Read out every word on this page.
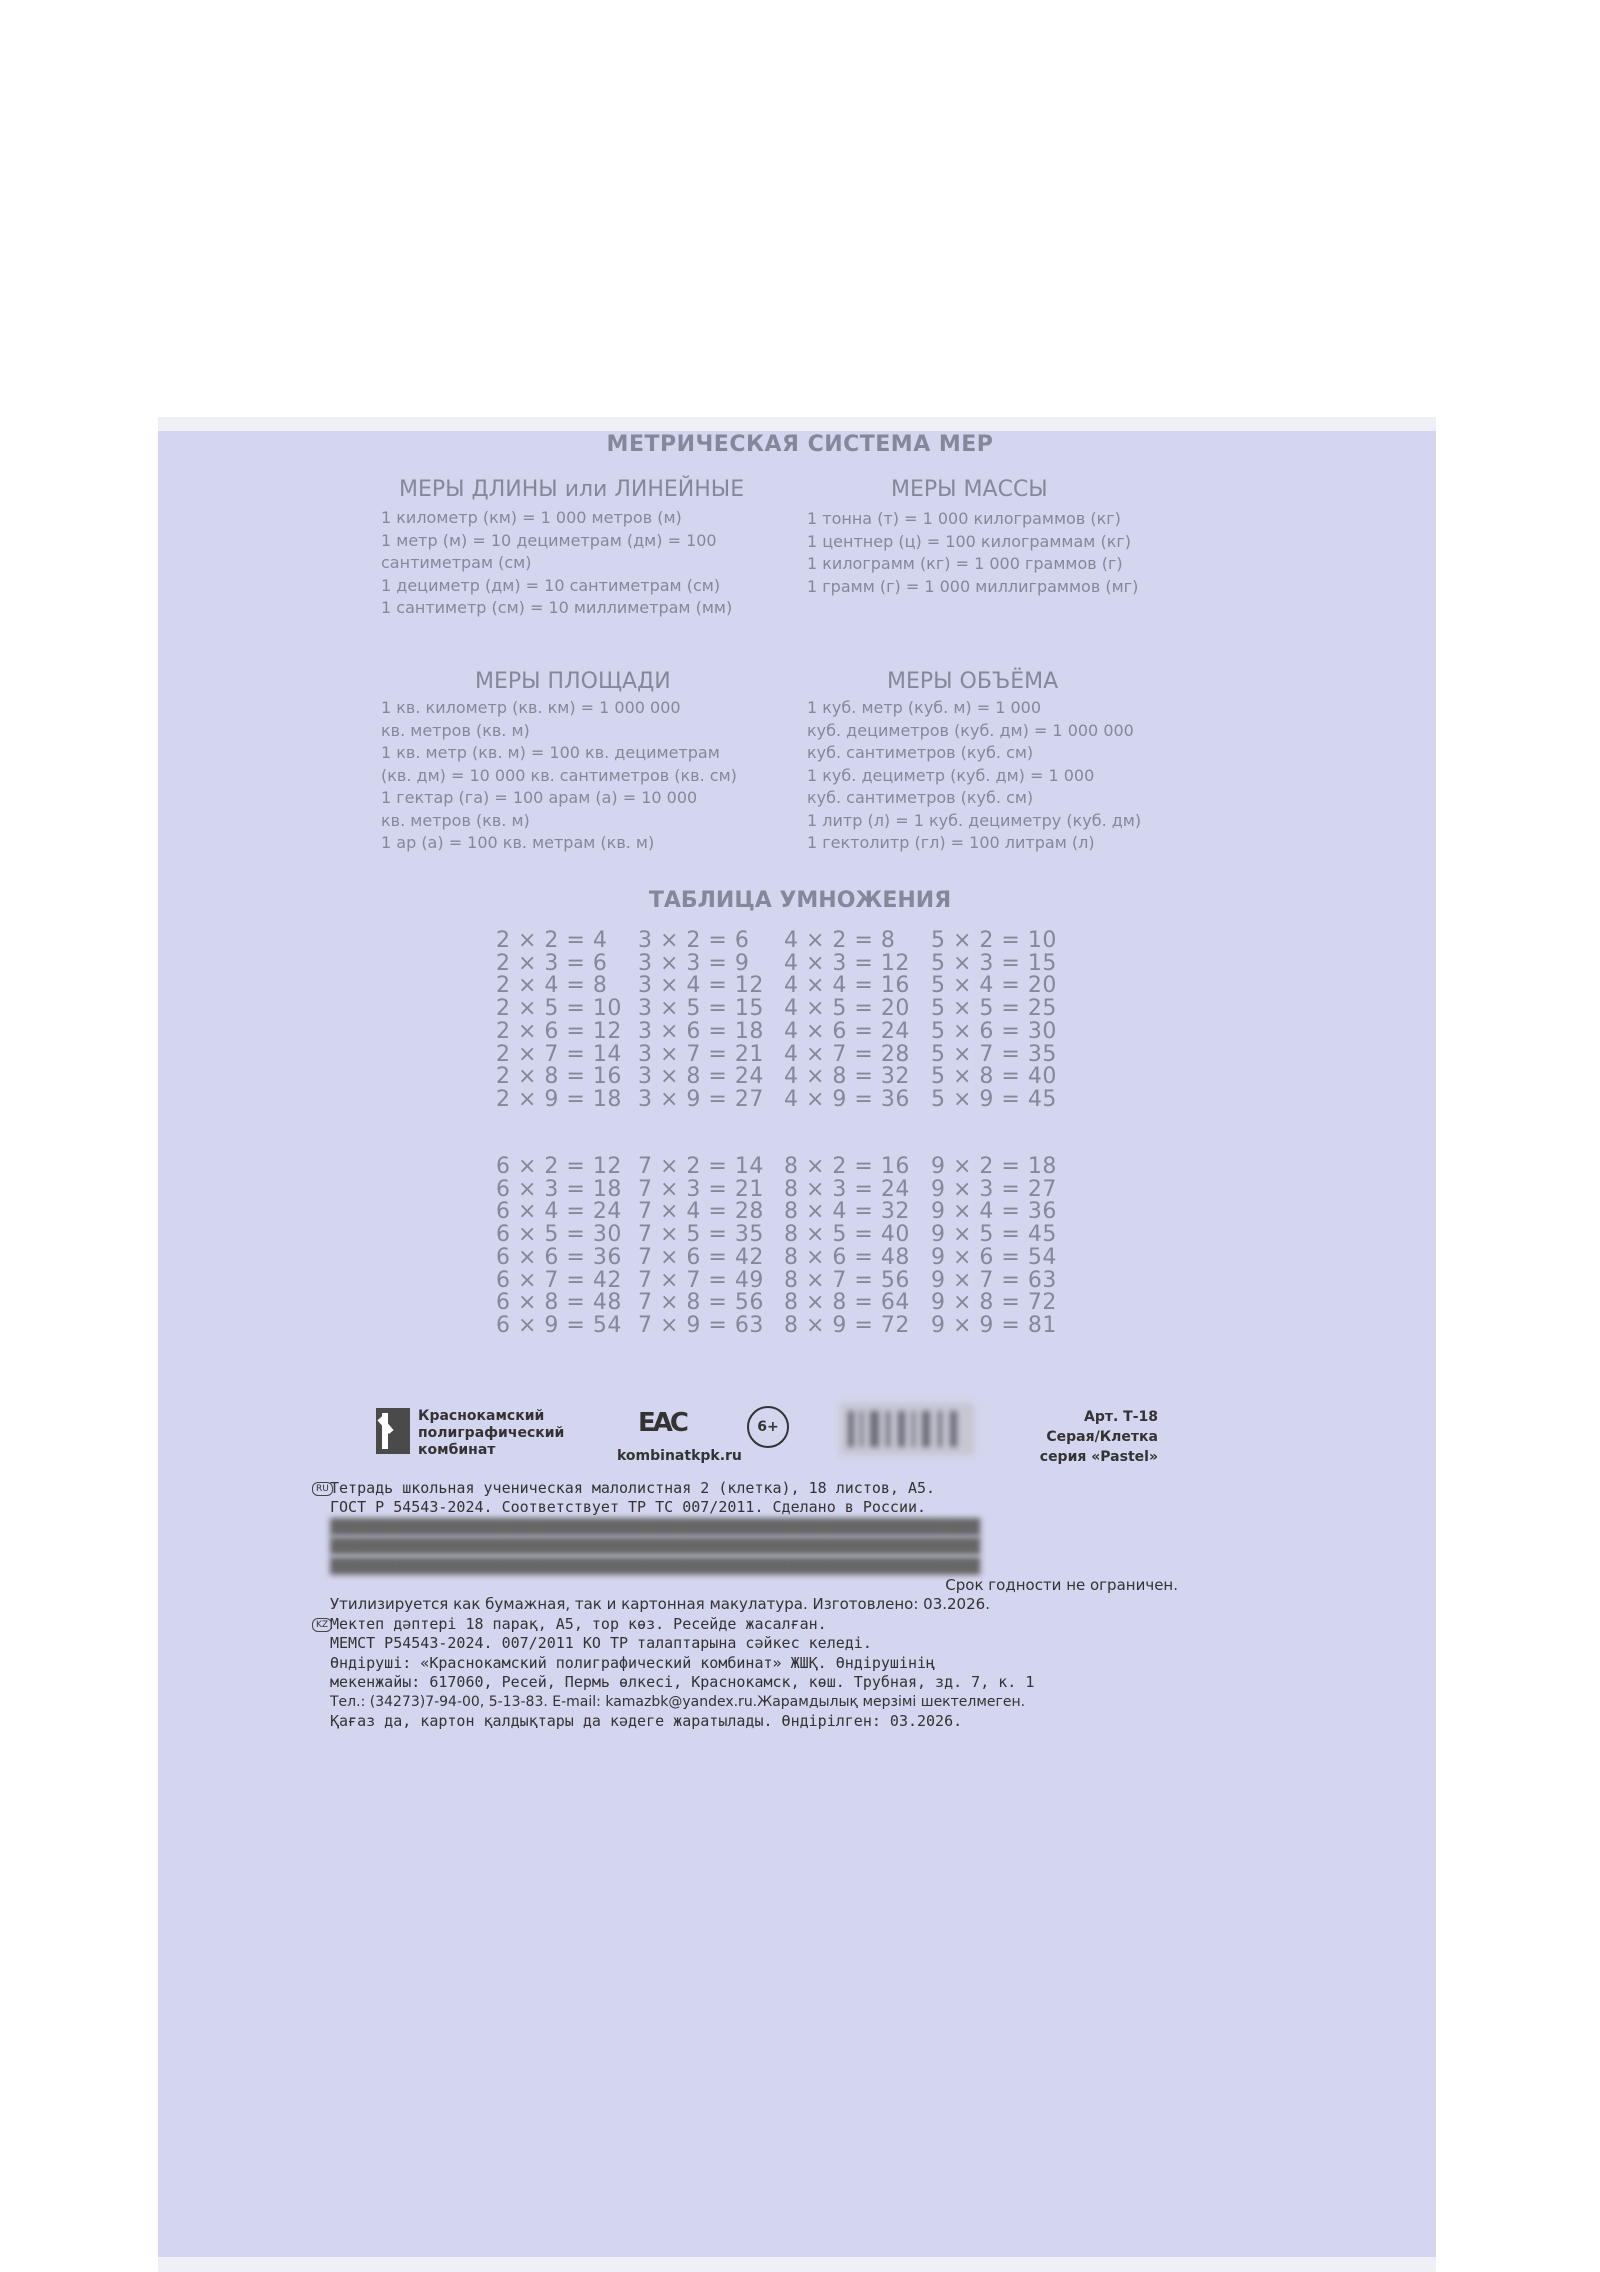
МЕТРИЧЕСКАЯ СИСТЕМА МЕР
МЕРЫ ДЛИНЫ или ЛИНЕЙНЫЕ
1 километр (км) = 1 000 метров (м)
1 метр (м) = 10 дециметрам (дм) = 100
сантиметрам (см)
1 дециметр (дм) = 10 сантиметрам (см)
1 сантиметр (см) = 10 миллиметрам (мм)
МЕРЫ МАССЫ
1 тонна (т) = 1 000 килограммов (кг)
1 центнер (ц) = 100 килограммам (кг)
1 килограмм (кг) = 1 000 граммов (г)
1 грамм (г) = 1 000 миллиграммов (мг)
МЕРЫ ПЛОЩАДИ
1 кв. километр (кв. км) = 1 000 000
кв. метров (кв. м)
1 кв. метр (кв. м) = 100 кв. дециметрам
(кв. дм) = 10 000 кв. сантиметров (кв. см)
1 гектар (га) = 100 арам (а) = 10 000
кв. метров (кв. м)
1 ар (а) = 100 кв. метрам (кв. м)
МЕРЫ ОБЪЁМА
1 куб. метр (куб. м) = 1 000
куб. дециметров (куб. дм) = 1 000 000
куб. сантиметров (куб. см)
1 куб. дециметр (куб. дм) = 1 000
куб. сантиметров (куб. см)
1 литр (л) = 1 куб. дециметру (куб. дм)
1 гектолитр (гл) = 100 литрам (л)
ТАБЛИЦА УМНОЖЕНИЯ
2 × 2 = 4
2 × 3 = 6
2 × 4 = 8
2 × 5 = 10
2 × 6 = 12
2 × 7 = 14
2 × 8 = 16
2 × 9 = 18
3 × 2 = 6
3 × 3 = 9
3 × 4 = 12
3 × 5 = 15
3 × 6 = 18
3 × 7 = 21
3 × 8 = 24
3 × 9 = 27
4 × 2 = 8
4 × 3 = 12
4 × 4 = 16
4 × 5 = 20
4 × 6 = 24
4 × 7 = 28
4 × 8 = 32
4 × 9 = 36
5 × 2 = 10
5 × 3 = 15
5 × 4 = 20
5 × 5 = 25
5 × 6 = 30
5 × 7 = 35
5 × 8 = 40
5 × 9 = 45
6 × 2 = 12
6 × 3 = 18
6 × 4 = 24
6 × 5 = 30
6 × 6 = 36
6 × 7 = 42
6 × 8 = 48
6 × 9 = 54
7 × 2 = 14
7 × 3 = 21
7 × 4 = 28
7 × 5 = 35
7 × 6 = 42
7 × 7 = 49
7 × 8 = 56
7 × 9 = 63
8 × 2 = 16
8 × 3 = 24
8 × 4 = 32
8 × 5 = 40
8 × 6 = 48
8 × 7 = 56
8 × 8 = 64
8 × 9 = 72
9 × 2 = 18
9 × 3 = 27
9 × 4 = 36
9 × 5 = 45
9 × 6 = 54
9 × 7 = 63
9 × 8 = 72
9 × 9 = 81
Краснокамский
полиграфический
комбинат
ЕАС
kombinatkpk.ru
6+
Арт. Т-18
Серая/Клетка
серия «Pastel»
RU Тетрадь школьная ученическая малолистная 2 (клетка), 18 листов, А5.
ГОСТ Р 54543-2024. Соответствует ТР ТС 007/2011. Сделано в России.
████████████████████████████████████████████████████████████████████████
████████████████████████████████████████████████████████████████████████
████████████████████████████████████████████████████████████████████████
Срок годности не ограничен.
Утилизируется как бумажная, так и картонная макулатура. Изготовлено: 03.2026.
KZ Мектеп дәптері 18 парақ, А5, тор көз. Ресейде жасалған.
МЕМСТ Р54543-2024. 007/2011 КО ТР талаптарына сәйкес келеді.
Өндіруші: «Краснокамский полиграфический комбинат» ЖШҚ. Өндірушінің
мекенжайы: 617060, Ресей, Пермь өлкесі, Краснокамск, көш. Трубная, зд. 7, к. 1
Тел.: (34273)7-94-00, 5-13-83. E-mail: kamazbk@yandex.ru.Жарамдылық мерзімі шектелмеген.
Қағаз да, картон қалдықтары да кәдеге жаратылады. Өндірілген: 03.2026.
